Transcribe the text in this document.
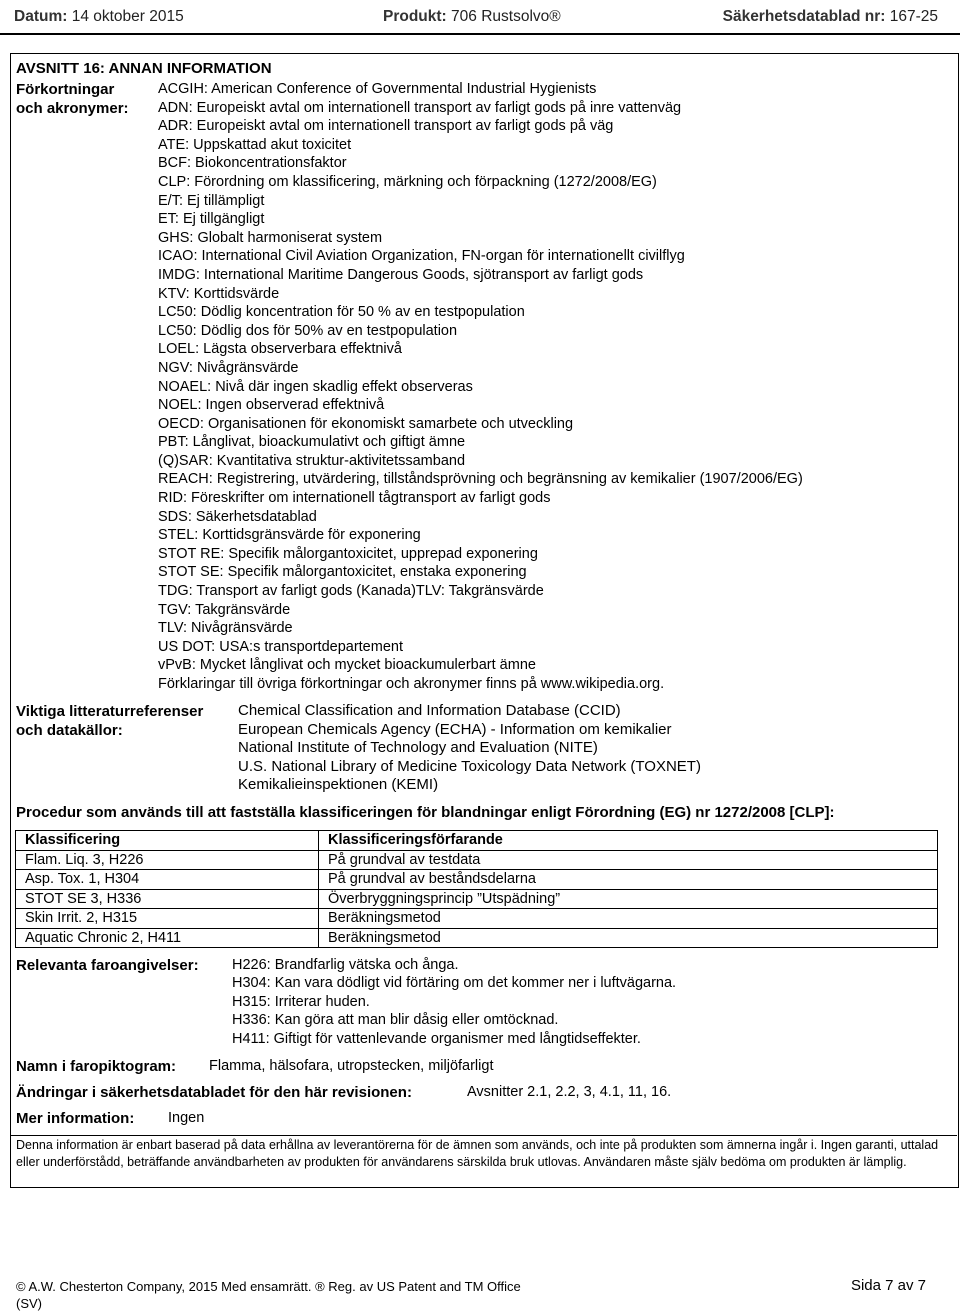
Datum: 14 oktober 2015	Produkt: 706 Rustsolvo®	Säkerhetsdatablad nr: 167-25
AVSNITT 16: ANNAN INFORMATION
Förkortningar
och akronymer:
ACGIH: American Conference of Governmental Industrial Hygienists
ADN: Europeiskt avtal om internationell transport av farligt gods på inre vattenväg
ADR: Europeiskt avtal om internationell transport av farligt gods på väg
ATE: Uppskattad akut toxicitet
BCF: Biokoncentrationsfaktor
CLP: Förordning om klassificering, märkning och förpackning (1272/2008/EG)
E/T: Ej tillämpligt
ET: Ej tillgängligt
GHS: Globalt harmoniserat system
ICAO: International Civil Aviation Organization, FN-organ för internationellt civilflyg
IMDG: International Maritime Dangerous Goods, sjötransport av farligt gods
KTV: Korttidsvärde
LC50: Dödlig koncentration för 50 % av en testpopulation
LC50: Dödlig dos för 50% av en testpopulation
LOEL: Lägsta observerbara effektnivå
NGV: Nivågränsvärde
NOAEL: Nivå där ingen skadlig effekt observeras
NOEL: Ingen observerad effektnivå
OECD: Organisationen för ekonomiskt samarbete och utveckling
PBT: Långlivat, bioackumulativt och giftigt ämne
(Q)SAR: Kvantitativa struktur-aktivitetssamband
REACH: Registrering, utvärdering, tillståndsprövning och begränsning av kemikalier (1907/2006/EG)
RID: Föreskrifter om internationell tågtransport av farligt gods
SDS: Säkerhetsdatablad
STEL: Korttidsgränsvärde för exponering
STOT RE: Specifik målorgantoxicitet, upprepad exponering
STOT SE: Specifik målorgantoxicitet, enstaka exponering
TDG: Transport av farligt gods (Kanada)TLV: Takgränsvärde
TGV: Takgränsvärde
TLV: Nivågränsvärde
US DOT: USA:s transportdepartement
vPvB: Mycket långlivat och mycket bioackumulerbart ämne
Förklaringar till övriga förkortningar och akronymer finns på www.wikipedia.org.
Viktiga litteraturreferenser
och datakällor:
Chemical Classification and Information Database (CCID)
European Chemicals Agency (ECHA) - Information om kemikalier
National Institute of Technology and Evaluation (NITE)
U.S. National Library of Medicine Toxicology Data Network (TOXNET)
Kemikalieinspektionen (KEMI)
Procedur som används till att fastställa klassificeringen för blandningar enligt Förordning (EG) nr 1272/2008 [CLP]:
Klassificering	Klassificeringsförfarande
Flam. Liq. 3, H226	På grundval av testdata
Asp. Tox. 1, H304	På grundval av beståndsdelarna
STOT SE 3, H336	Överbryggningsprincip ”Utspädning”
Skin Irrit. 2, H315	Beräkningsmetod
Aquatic Chronic 2, H411	Beräkningsmetod
Relevanta faroangivelser: H226: Brandfarlig vätska och ånga.
H304: Kan vara dödligt vid förtäring om det kommer ner i luftvägarna.
H315: Irriterar huden.
H336: Kan göra att man blir dåsig eller omtöcknad.
H411: Giftigt för vattenlevande organismer med långtidseffekter.
Namn i faropiktogram: Flamma, hälsofara, utropstecken, miljöfarligt
Ändringar i säkerhetsdatabladet för den här revisionen:	Avsnitter 2.1, 2.2, 3, 4.1, 11, 16.
Mer information: Ingen
Denna information är enbart baserad på data erhållna av leverantörerna för de ämnen som används, och inte på produkten som ämnerna ingår i. Ingen garanti, uttalad eller underförstådd, beträffande användbarheten av produkten för användarens särskilda bruk utlovas. Användaren måste själv bedöma om produkten är lämplig.
© A.W. Chesterton Company, 2015 Med ensamrätt. ® Reg. av US Patent and TM Office
(SV)
Sida 7 av 7
